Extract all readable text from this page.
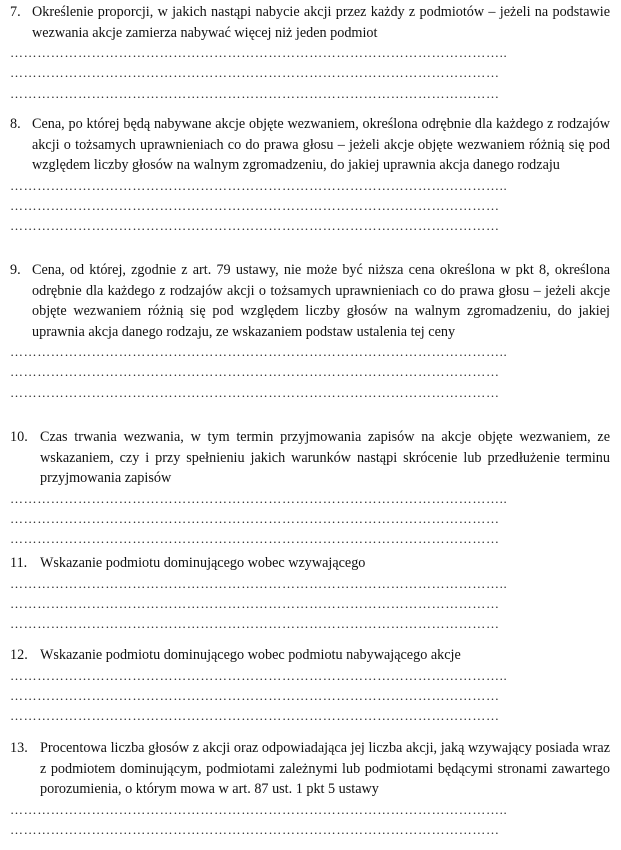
7. Określenie proporcji, w jakich nastąpi nabycie akcji przez każdy z podmiotów – jeżeli na podstawie wezwania akcje zamierza nabywać więcej niż jeden podmiot
………………………………………………………………………………………………..
………………………………………………………………………………………………
………………………………………………………………………………………………
8. Cena, po której będą nabywane akcje objęte wezwaniem, określona odrębnie dla każdego z rodzajów akcji o tożsamych uprawnieniach co do prawa głosu – jeżeli akcje objęte wezwaniem różnią się pod względem liczby głosów na walnym zgromadzeniu, do jakiej uprawnia akcja danego rodzaju
………………………………………………………………………………………………..
………………………………………………………………………………………………
………………………………………………………………………………………………
9. Cena, od której, zgodnie z art. 79 ustawy, nie może być niższa cena określona w pkt 8, określona odrębnie dla każdego z rodzajów akcji o tożsamych uprawnieniach co do prawa głosu – jeżeli akcje objęte wezwaniem różnią się pod względem liczby głosów na walnym zgromadzeniu, do jakiej uprawnia akcja danego rodzaju, ze wskazaniem podstaw ustalenia tej ceny
………………………………………………………………………………………………..
………………………………………………………………………………………………
………………………………………………………………………………………………
10. Czas trwania wezwania, w tym termin przyjmowania zapisów na akcje objęte wezwaniem, ze wskazaniem, czy i przy spełnieniu jakich warunków nastąpi skrócenie lub przedłużenie terminu przyjmowania zapisów
………………………………………………………………………………………………..
………………………………………………………………………………………………
………………………………………………………………………………………………
11. Wskazanie podmiotu dominującego wobec wzywającego
………………………………………………………………………………………………..
………………………………………………………………………………………………
………………………………………………………………………………………………
12. Wskazanie podmiotu dominującego wobec podmiotu nabywającego akcje
………………………………………………………………………………………………..
………………………………………………………………………………………………
………………………………………………………………………………………………
13. Procentowa liczba głosów z akcji oraz odpowiadająca jej liczba akcji, jaką wzywający posiada wraz z podmiotem dominującym, podmiotami zależnymi lub podmiotami będącymi stronami zawartego porozumienia, o którym mowa w art. 87 ust. 1 pkt 5 ustawy
………………………………………………………………………………………………..
………………………………………………………………………………………………
